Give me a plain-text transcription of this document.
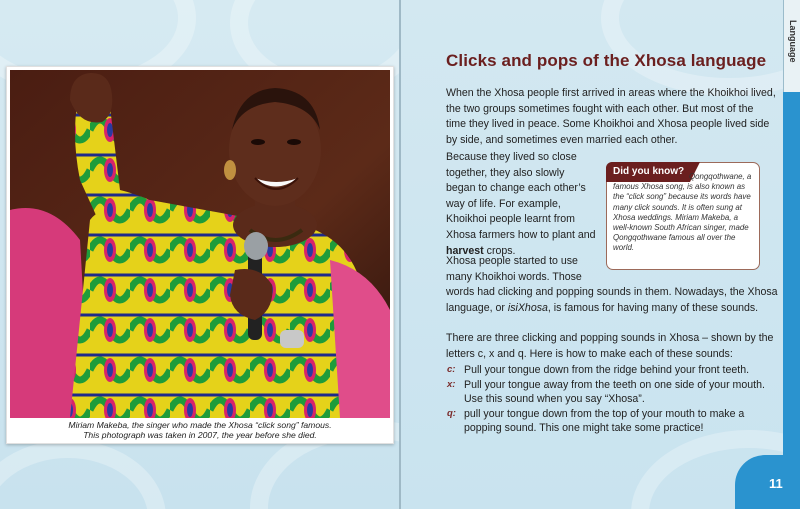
Miriam Makeba, the singer who made the Xhosa “click song” famous.
This photograph was taken in 2007, the year before she died.
Clicks and pops of the Xhosa language
When the Xhosa people first arrived in areas where the Khoikhoi lived, the two groups sometimes fought with each other. But most of the time they lived in peace. Some Khoikhoi and Xhosa people lived side by side, and sometimes even married each other.
Because they lived so close
together, they also slowly
began to change each other’s
way of life. For example,
Khoikhoi people learnt from
Xhosa farmers how to plant and
harvest crops.
Did you know? Qongqothwane, a famous Xhosa song, is also known as the “click song” because its words have many click sounds. It is often sung at Xhosa weddings. Miriam Makeba, a well-known South African singer, made Qongqothwane famous all over the world.
Xhosa people started to use
many Khoikhoi words. Those
words had clicking and popping sounds in them. Nowadays, the Xhosa language, or isiXhosa, is famous for having many of these sounds.
There are three clicking and popping sounds in Xhosa – shown by the letters c, x and q. Here is how to make each of these sounds:
c: Pull your tongue down from the ridge behind your front teeth.
x: Pull your tongue away from the teeth on one side of your mouth. Use this sound when you say “Xhosa”.
q: pull your tongue down from the top of your mouth to make a popping sound. This one might take some practice!
Language
11
